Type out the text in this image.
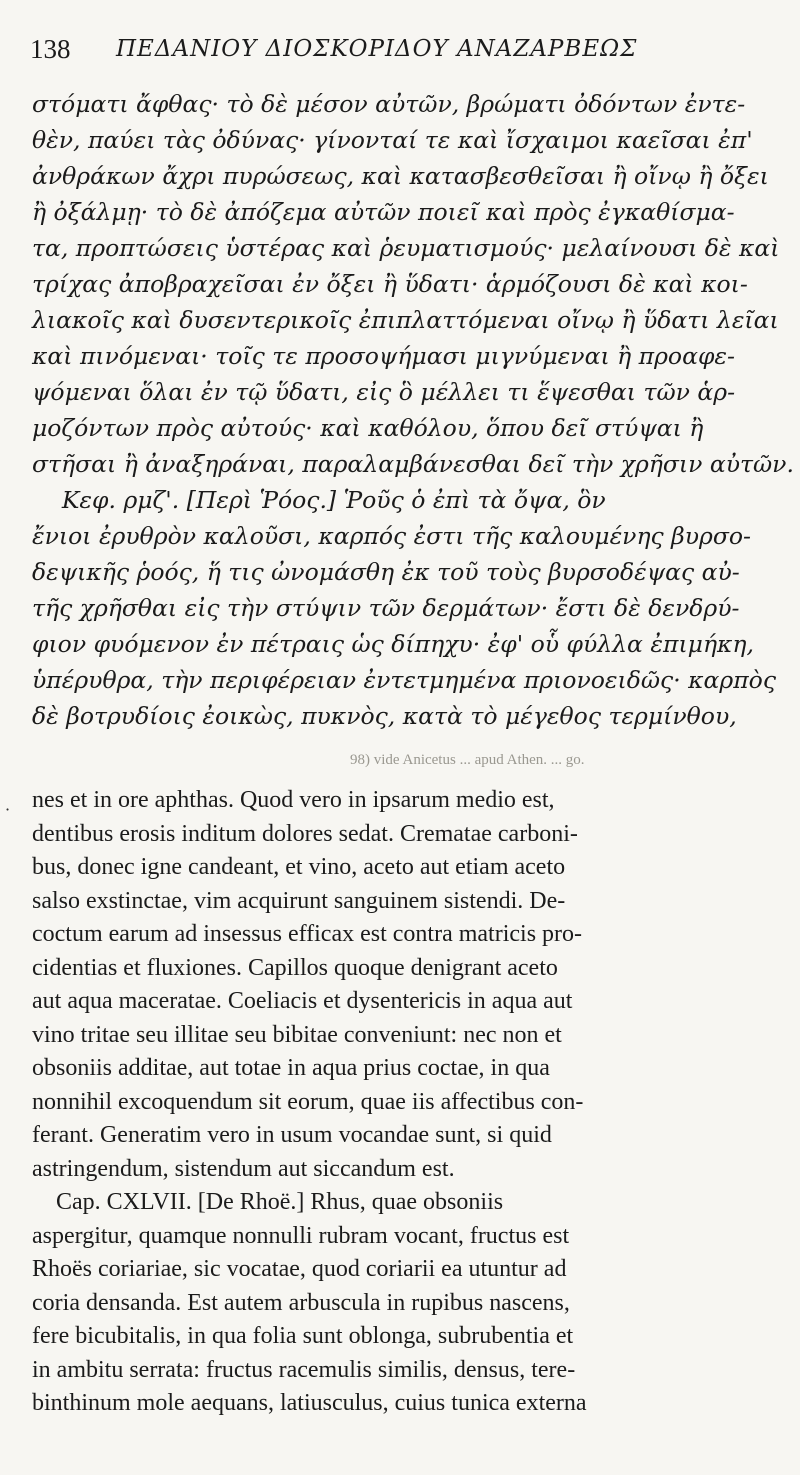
138 ΠΕΔΑΝΙΟΥ ΔΙΟΣΚΟΡΙΔΟΥ ΑΝΑΖΑΡΒΕΩΣ
στόματι ἄφθας· τὸ δὲ μέσον αὐτῶν, βρώματι ὀδόντων ἐντε-
θὲν, παύει τὰς ὀδύνας· γίνονταί τε καὶ ἴσχαιμοι καεῖσαι ἐπ'
ἀνθράκων ἄχρι πυρώσεως, καὶ κατασβεσθεῖσαι ἢ οἴνῳ ἢ ὄξει
ἢ ὀξάλμῃ· τὸ δὲ ἀπόζεμα αὐτῶν ποιεῖ καὶ πρὸς ἐγκαθίσμα-
τα, προπτώσεις ὑστέρας καὶ ῥευματισμούς· μελαίνουσι δὲ καὶ
τρίχας ἀποβραχεῖσαι ἐν ὄξει ἢ ὕδατι· ἁρμόζουσι δὲ καὶ κοι-
λιακοῖς καὶ δυσεντερικοῖς ἐπιπλαττόμεναι οἴνῳ ἢ ὕδατι λεῖαι
καὶ πινόμεναι· τοῖς τε προσοψήμασι μιγνύμεναι ἢ προαφε-
ψόμεναι ὅλαι ἐν τῷ ὕδατι, εἰς ὃ μέλλει τι ἕψεσθαι τῶν ἁρ-
μοζόντων πρὸς αὐτούς· καὶ καθόλου, ὅπου δεῖ στύψαι ἢ
στῆσαι ἢ ἀναξηράναι, παραλαμβάνεσθαι δεῖ τὴν χρῆσιν αὐτῶν.
Κεφ. ρμζ'. [Περὶ Ῥόος.] Ῥοῦς ὁ ἐπὶ τὰ ὄψα, ὃν
ἔνιοι ἐρυθρὸν καλοῦσι, καρπός ἐστι τῆς καλουμένης βυρσο-
δεψικῆς ῥοός, ἥ τις ὠνομάσθη ἐκ τοῦ τοὺς βυρσοδέψας αὐ-
τῆς χρῆσθαι εἰς τὴν στύψιν τῶν δερμάτων· ἔστι δὲ δενδρύ-
φιον φυόμενον ἐν πέτραις ὡς δίπηχυ· ἐφ' οὗ φύλλα ἐπιμήκη,
ὑπέρυθρα, τὴν περιφέρειαν ἐντετμημένα πριονοειδῶς· καρπὸς
δὲ βοτρυδίοις ἐοικὼς, πυκνὸς, κατὰ τὸ μέγεθος τερμίνθου,
98) vide Anicetus ... apud Athen. ... go.
· nes et in ore aphthas. Quod vero in ipsarum medio est,
dentibus erosis inditum dolores sedat. Crematae carboni-
bus, donec igne candeant, et vino, aceto aut etiam aceto
salso exstinctae, vim acquirunt sanguinem sistendi. De-
coctum earum ad insessus efficax est contra matricis pro-
cidentias et fluxiones. Capillos quoque denigrant aceto
aut aqua maceratae. Coeliacis et dysentericis in aqua aut
vino tritae seu illitae seu bibitae conveniunt: nec non et
obsoniis additae, aut totae in aqua prius coctae, in qua
nonnihil excoquendum sit eorum, quae iis affectibus con-
ferant. Generatim vero in usum vocandae sunt, si quid
astringendum, sistendum aut siccandum est.
Cap. CXLVII. [De Rhoë.] Rhus, quae obsoniis
aspergitur, quamque nonnulli rubram vocant, fructus est
Rhoës coriariae, sic vocatae, quod coriarii ea utuntur ad
coria densanda. Est autem arbuscula in rupibus nascens,
fere bicubitalis, in qua folia sunt oblonga, subrubentia et
in ambitu serrata: fructus racemulis similis, densus, tere-
binthinum mole aequans, latiusculus, cuius tunica externa
